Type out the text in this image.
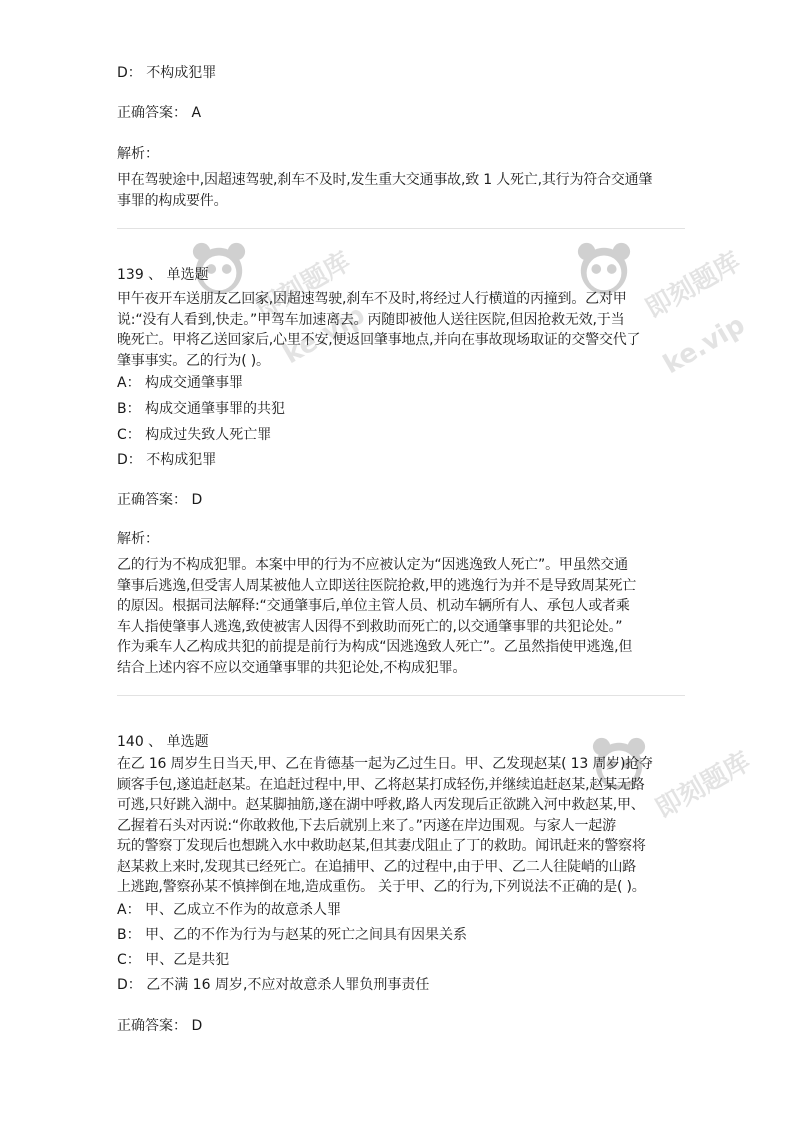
即刻题库
ke.vip
即刻题库
ke.vip
即刻题库
D： 不构成犯罪
正确答案： A
解析：
甲在驾驶途中,因超速驾驶,刹车不及时,发生重大交通事故,致 1 人死亡,其行为符合交通肇
事罪的构成要件。
139 、 单选题
甲午夜开车送朋友乙回家,因超速驾驶,刹车不及时,将经过人行横道的丙撞到。乙对甲
说:“没有人看到,快走。”甲驾车加速离去。丙随即被他人送往医院,但因抢救无效,于当
晚死亡。甲将乙送回家后,心里不安,便返回肇事地点,并向在事故现场取证的交警交代了
肇事事实。乙的行为( )。
A： 构成交通肇事罪
B： 构成交通肇事罪的共犯
C： 构成过失致人死亡罪
D： 不构成犯罪
正确答案： D
解析：
乙的行为不构成犯罪。本案中甲的行为不应被认定为“因逃逸致人死亡”。甲虽然交通
肇事后逃逸,但受害人周某被他人立即送往医院抢救,甲的逃逸行为并不是导致周某死亡
的原因。根据司法解释:“交通肇事后,单位主管人员、机动车辆所有人、承包人或者乘
车人指使肇事人逃逸,致使被害人因得不到救助而死亡的,以交通肇事罪的共犯论处。”
作为乘车人乙构成共犯的前提是前行为构成“因逃逸致人死亡”。乙虽然指使甲逃逸,但
结合上述内容不应以交通肇事罪的共犯论处,不构成犯罪。
140 、 单选题
在乙 16 周岁生日当天,甲、乙在肯德基一起为乙过生日。甲、乙发现赵某( 13 周岁)抢夺
顾客手包,遂追赶赵某。在追赶过程中,甲、乙将赵某打成轻伤,并继续追赶赵某,赵某无路
可逃,只好跳入湖中。赵某脚抽筋,遂在湖中呼救,路人丙发现后正欲跳入河中救赵某,甲、
乙握着石头对丙说:“你敢救他,下去后就别上来了。”丙遂在岸边围观。与家人一起游
玩的警察丁发现后也想跳入水中救助赵某,但其妻戊阻止了丁的救助。闻讯赶来的警察将
赵某救上来时,发现其已经死亡。在追捕甲、乙的过程中,由于甲、乙二人往陡峭的山路
上逃跑,警察孙某不慎摔倒在地,造成重伤。 关于甲、乙的行为,下列说法不正确的是( )。
A： 甲、乙成立不作为的故意杀人罪
B： 甲、乙的不作为行为与赵某的死亡之间具有因果关系
C： 甲、乙是共犯
D： 乙不满 16 周岁,不应对故意杀人罪负刑事责任
正确答案： D
